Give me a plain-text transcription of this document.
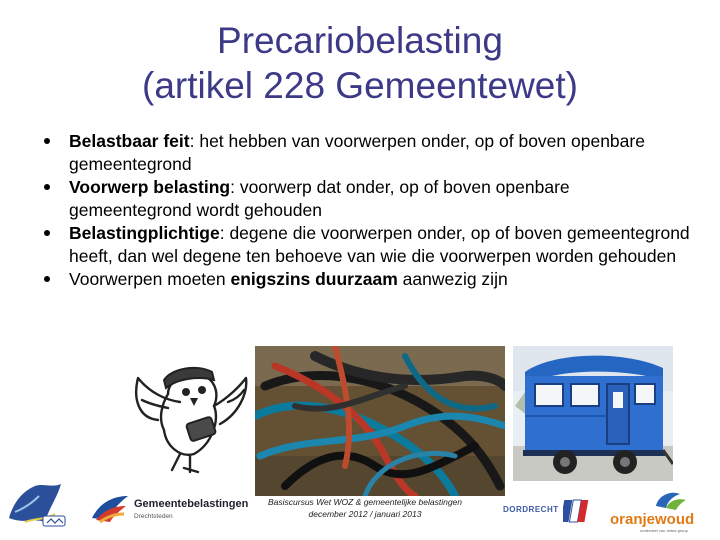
Precariobelasting
(artikel 228 Gemeentewet)
Belastbaar feit: het hebben van voorwerpen onder, op of boven openbare gemeentegrond
Voorwerp belasting: voorwerp dat onder, op of boven openbare gemeentegrond wordt gehouden
Belastingplichtige: degene die voorwerpen onder, op of boven gemeentegrond heeft, dan wel degene ten behoeve van wie die voorwerpen worden gehouden
Voorwerpen moeten enigszins duurzaam aanwezig zijn
Gemeentebelastingen
Drechtsteden
Basiscursus Wet WOZ & gemeentelijke belastingen
december 2012 / januari 2013	DORDRECHT
oranjewoud
onderdeel van antea group
